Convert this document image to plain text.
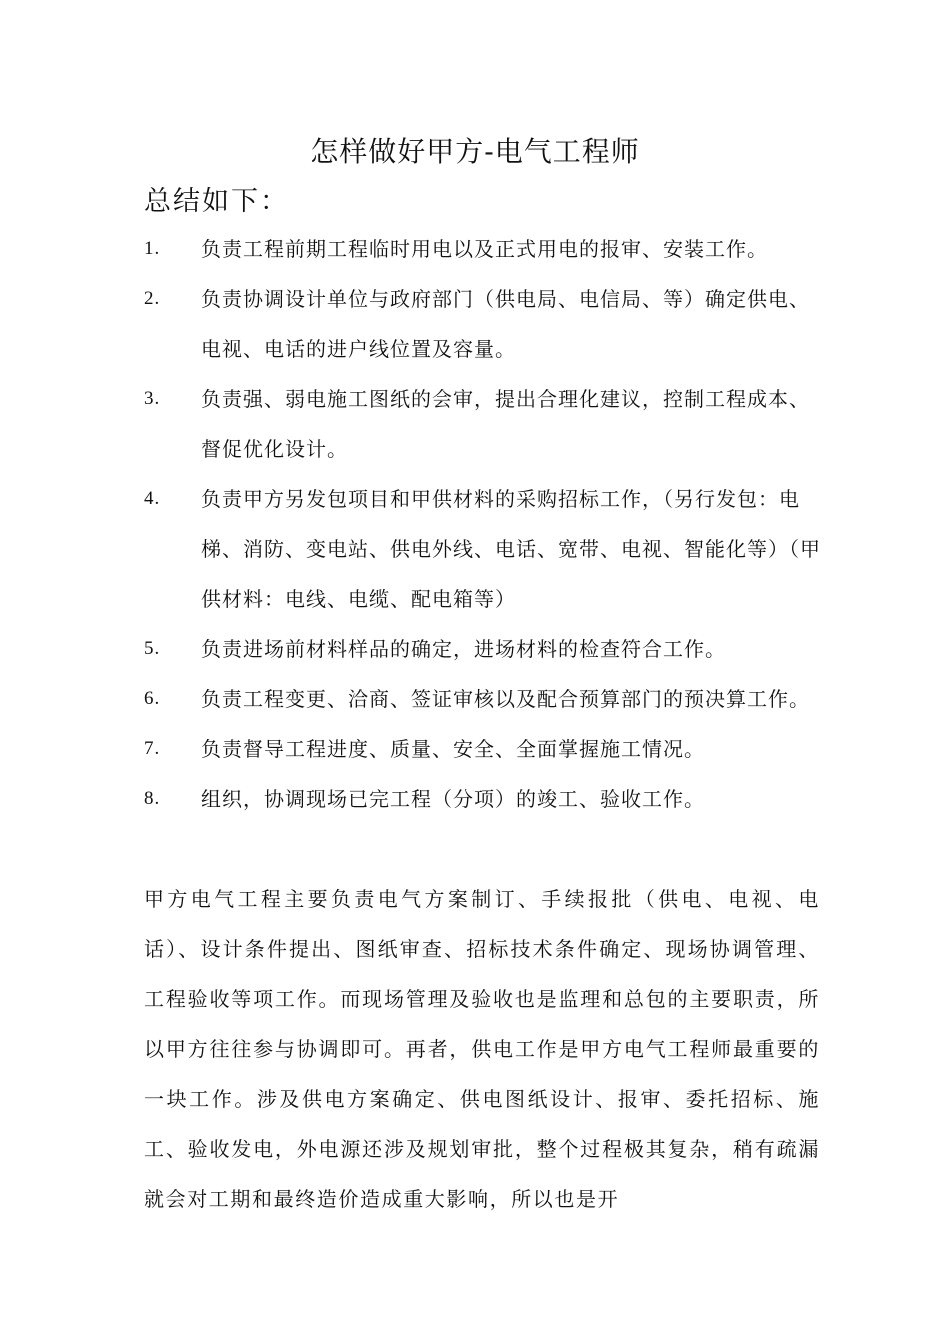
怎样做好甲方-电气工程师
总结如下：
1. 负责工程前期工程临时用电以及正式用电的报审、安装工作。
2. 负责协调设计单位与政府部门（供电局、电信局、等）确定供电、电视、电话的进户线位置及容量。
3. 负责强、弱电施工图纸的会审，提出合理化建议，控制工程成本、督促优化设计。
4. 负责甲方另发包项目和甲供材料的采购招标工作，（另行发包：电梯、消防、变电站、供电外线、电话、宽带、电视、智能化等）（甲供材料：电线、电缆、配电箱等）
5. 负责进场前材料样品的确定，进场材料的检查符合工作。
6. 负责工程变更、洽商、签证审核以及配合预算部门的预决算工作。
7. 负责督导工程进度、质量、安全、全面掌握施工情况。
8. 组织，协调现场已完工程（分项）的竣工、验收工作。

甲方电气工程主要负责电气方案制订、手续报批（供电、电视、电话）、设计条件提出、图纸审查、招标技术条件确定、现场协调管理、工程验收等项工作。而现场管理及验收也是监理和总包的主要职责，所以甲方往往参与协调即可。再者，供电工作是甲方电气工程师最重要的一块工作。涉及供电方案确定、供电图纸设计、报审、委托招标、施工、验收发电，外电源还涉及规划审批，整个过程极其复杂，稍有疏漏就会对工期和最终造价造成重大影响，所以也是开
